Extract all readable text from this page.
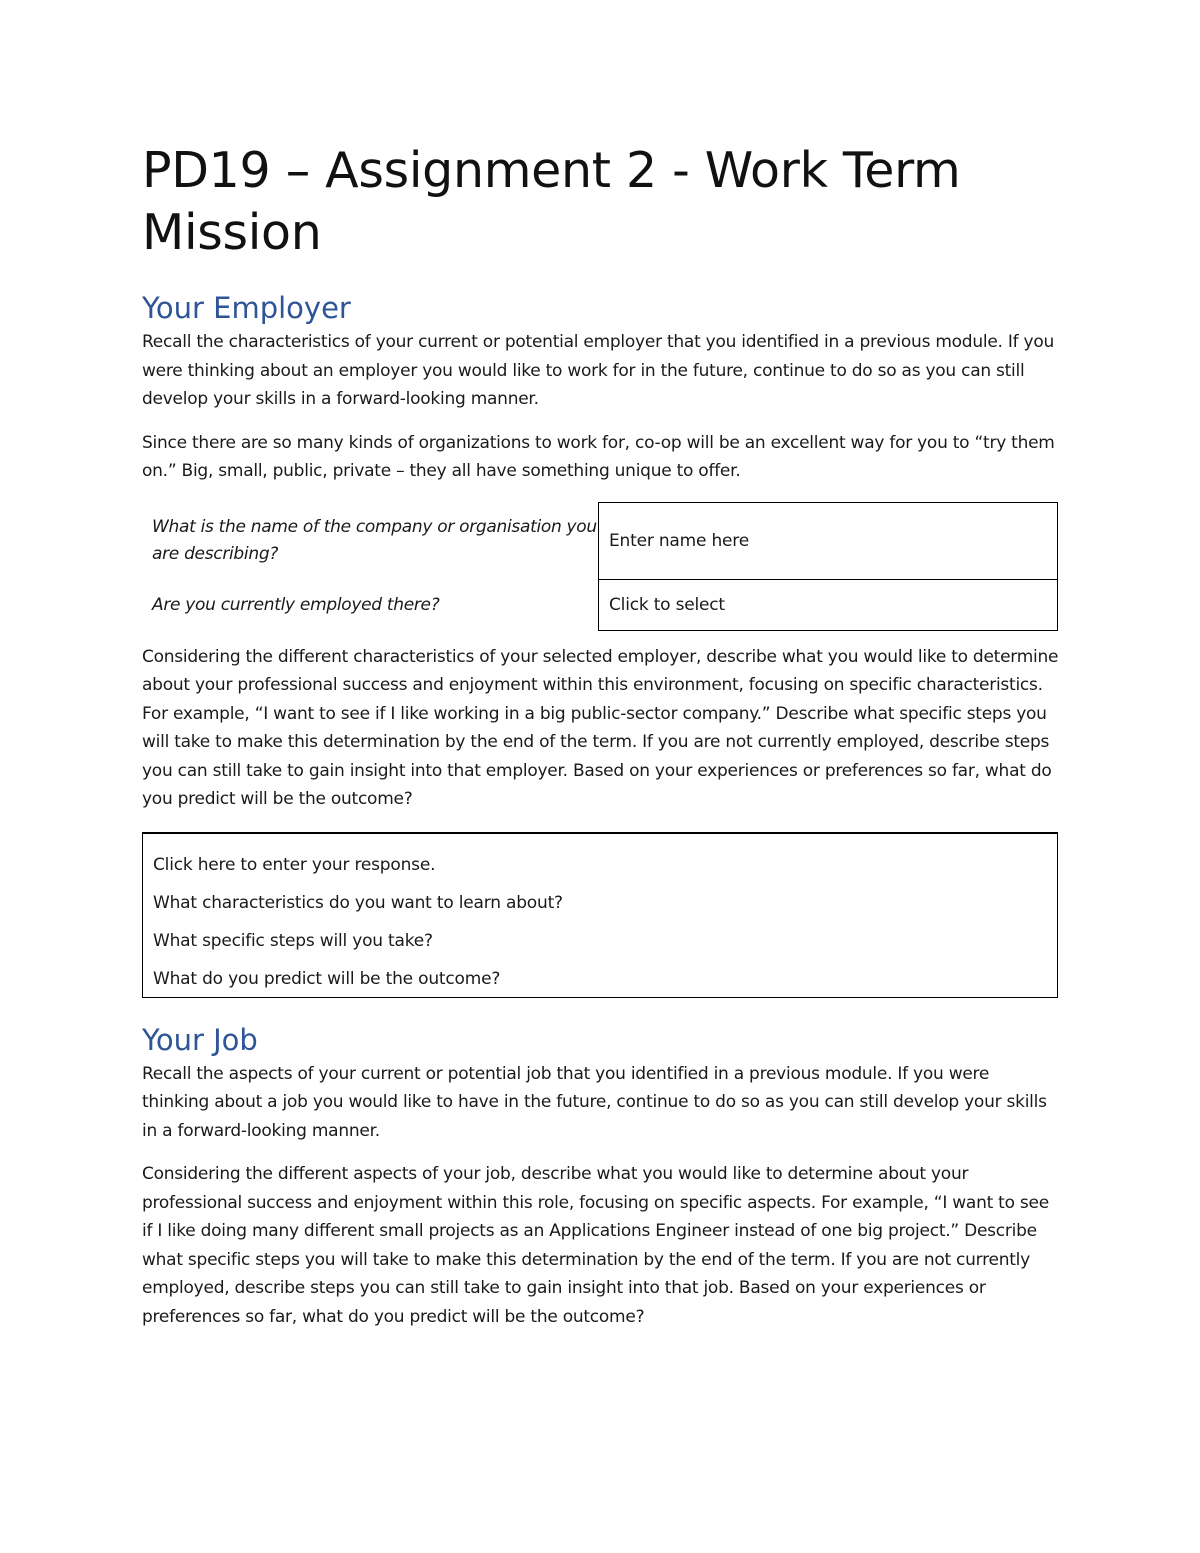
PD19 – Assignment 2 - Work Term Mission
Your Employer

Recall the characteristics of your current or potential employer that you identified in a previous module. If you were thinking about an employer you would like to work for in the future, continue to do so as you can still develop your skills in a forward-looking manner.

Since there are so many kinds of organizations to work for, co-op will be an excellent way for you to “try them on.” Big, small, public, private – they all have something unique to offer.

What is the name of the company or organisation you are describing?
Enter name here
Are you currently employed there?	Click to select

Considering the different characteristics of your selected employer, describe what you would like to determine about your professional success and enjoyment within this environment, focusing on specific characteristics. For example, “I want to see if I like working in a big public-sector company.” Describe what specific steps you will take to make this determination by the end of the term. If you are not currently employed, describe steps you can still take to gain insight into that employer. Based on your experiences or preferences so far, what do you predict will be the outcome?

Click here to enter your response.
What characteristics do you want to learn about?
What specific steps will you take?
What do you predict will be the outcome?
Your Job

Recall the aspects of your current or potential job that you identified in a previous module. If you were thinking about a job you would like to have in the future, continue to do so as you can still develop your skills in a forward-looking manner.

Considering the different aspects of your job, describe what you would like to determine about your professional success and enjoyment within this role, focusing on specific aspects. For example, “I want to see if I like doing many different small projects as an Applications Engineer instead of one big project.” Describe what specific steps you will take to make this determination by the end of the term. If you are not currently employed, describe steps you can still take to gain insight into that job. Based on your experiences or preferences so far, what do you predict will be the outcome?
